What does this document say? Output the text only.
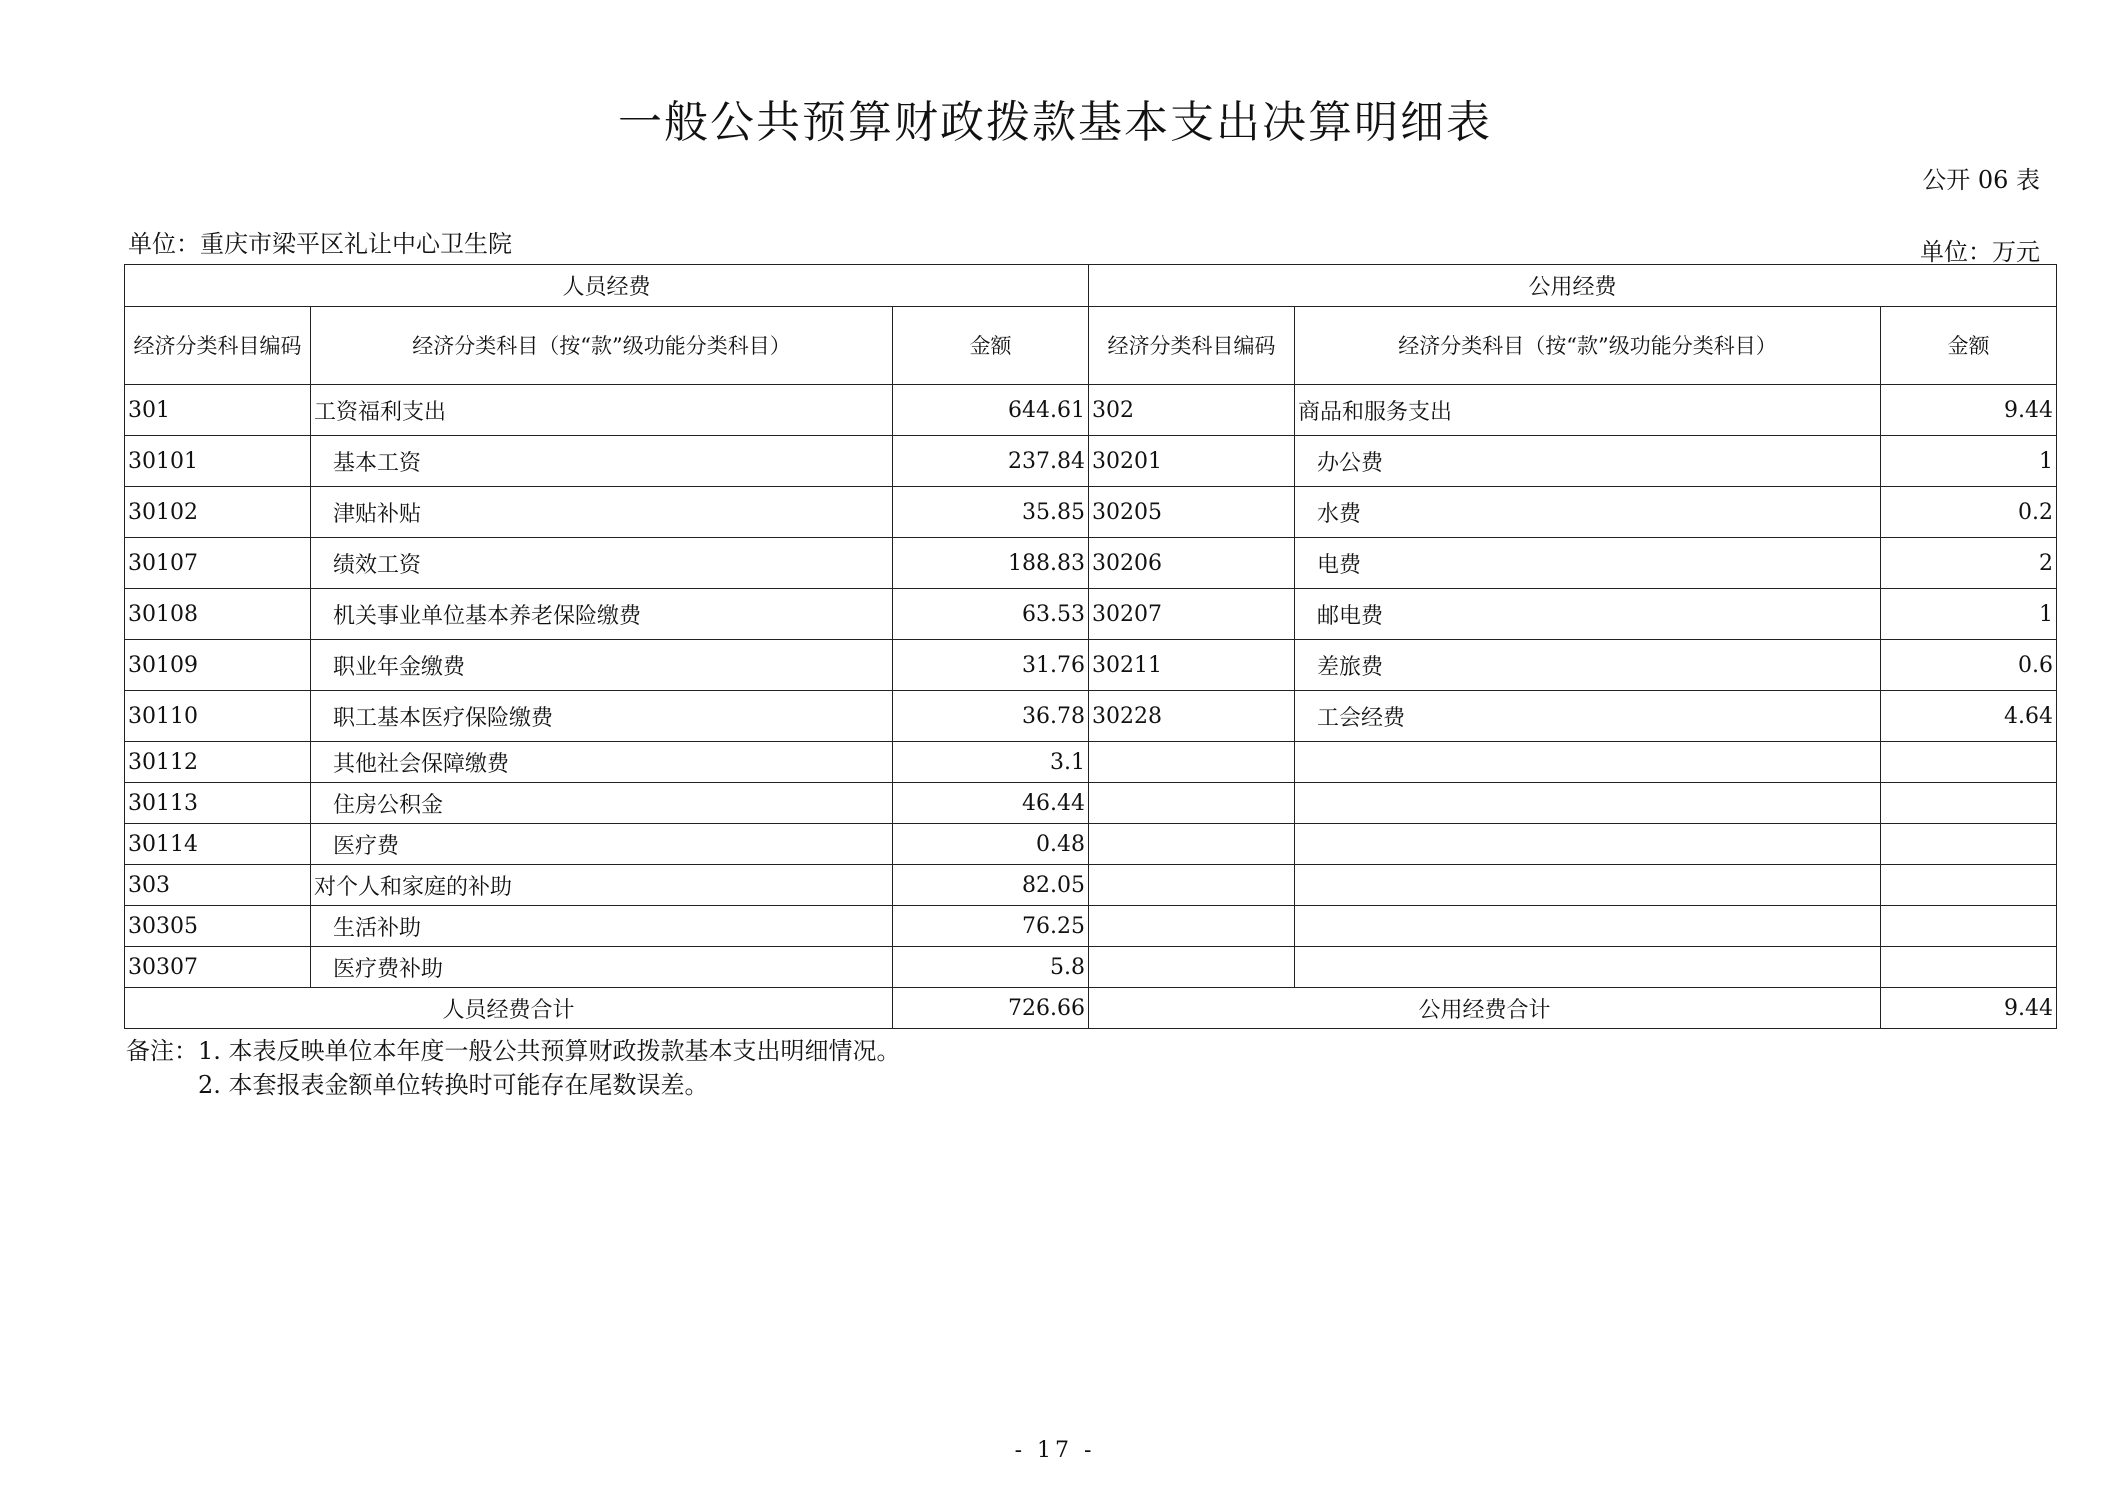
一般公共预算财政拨款基本支出决算明细表
公开 06 表
单位：重庆市梁平区礼让中心卫生院	单位：万元
人员经费			公用经费		
经济分类科目编码	经济分类科目（按“款”级功能分类科目）	金额	经济分类科目编码	经济分类科目（按“款”级功能分类科目）	金额
301	工资福利支出	644.61	302	商品和服务支出	9.44
30101	基本工资	237.84	30201	办公费	1
30102	津贴补贴	35.85	30205	水费	0.2
30107	绩效工资	188.83	30206	电费	2
30108	机关事业单位基本养老保险缴费	63.53	30207	邮电费	1
30109	职业年金缴费	31.76	30211	差旅费	0.6
30110	职工基本医疗保险缴费	36.78	30228	工会经费	4.64
30112	其他社会保障缴费	3.1			
30113	住房公积金	46.44			
30114	医疗费	0.48			
303	对个人和家庭的补助	82.05			
30305	生活补助	76.25			
30307	医疗费补助	5.8			
人员经费合计		726.66	公用经费合计		9.44
备注：1. 本表反映单位本年度一般公共预算财政拨款基本支出明细情况。
2. 本套报表金额单位转换时可能存在尾数误差。
- 17 -
